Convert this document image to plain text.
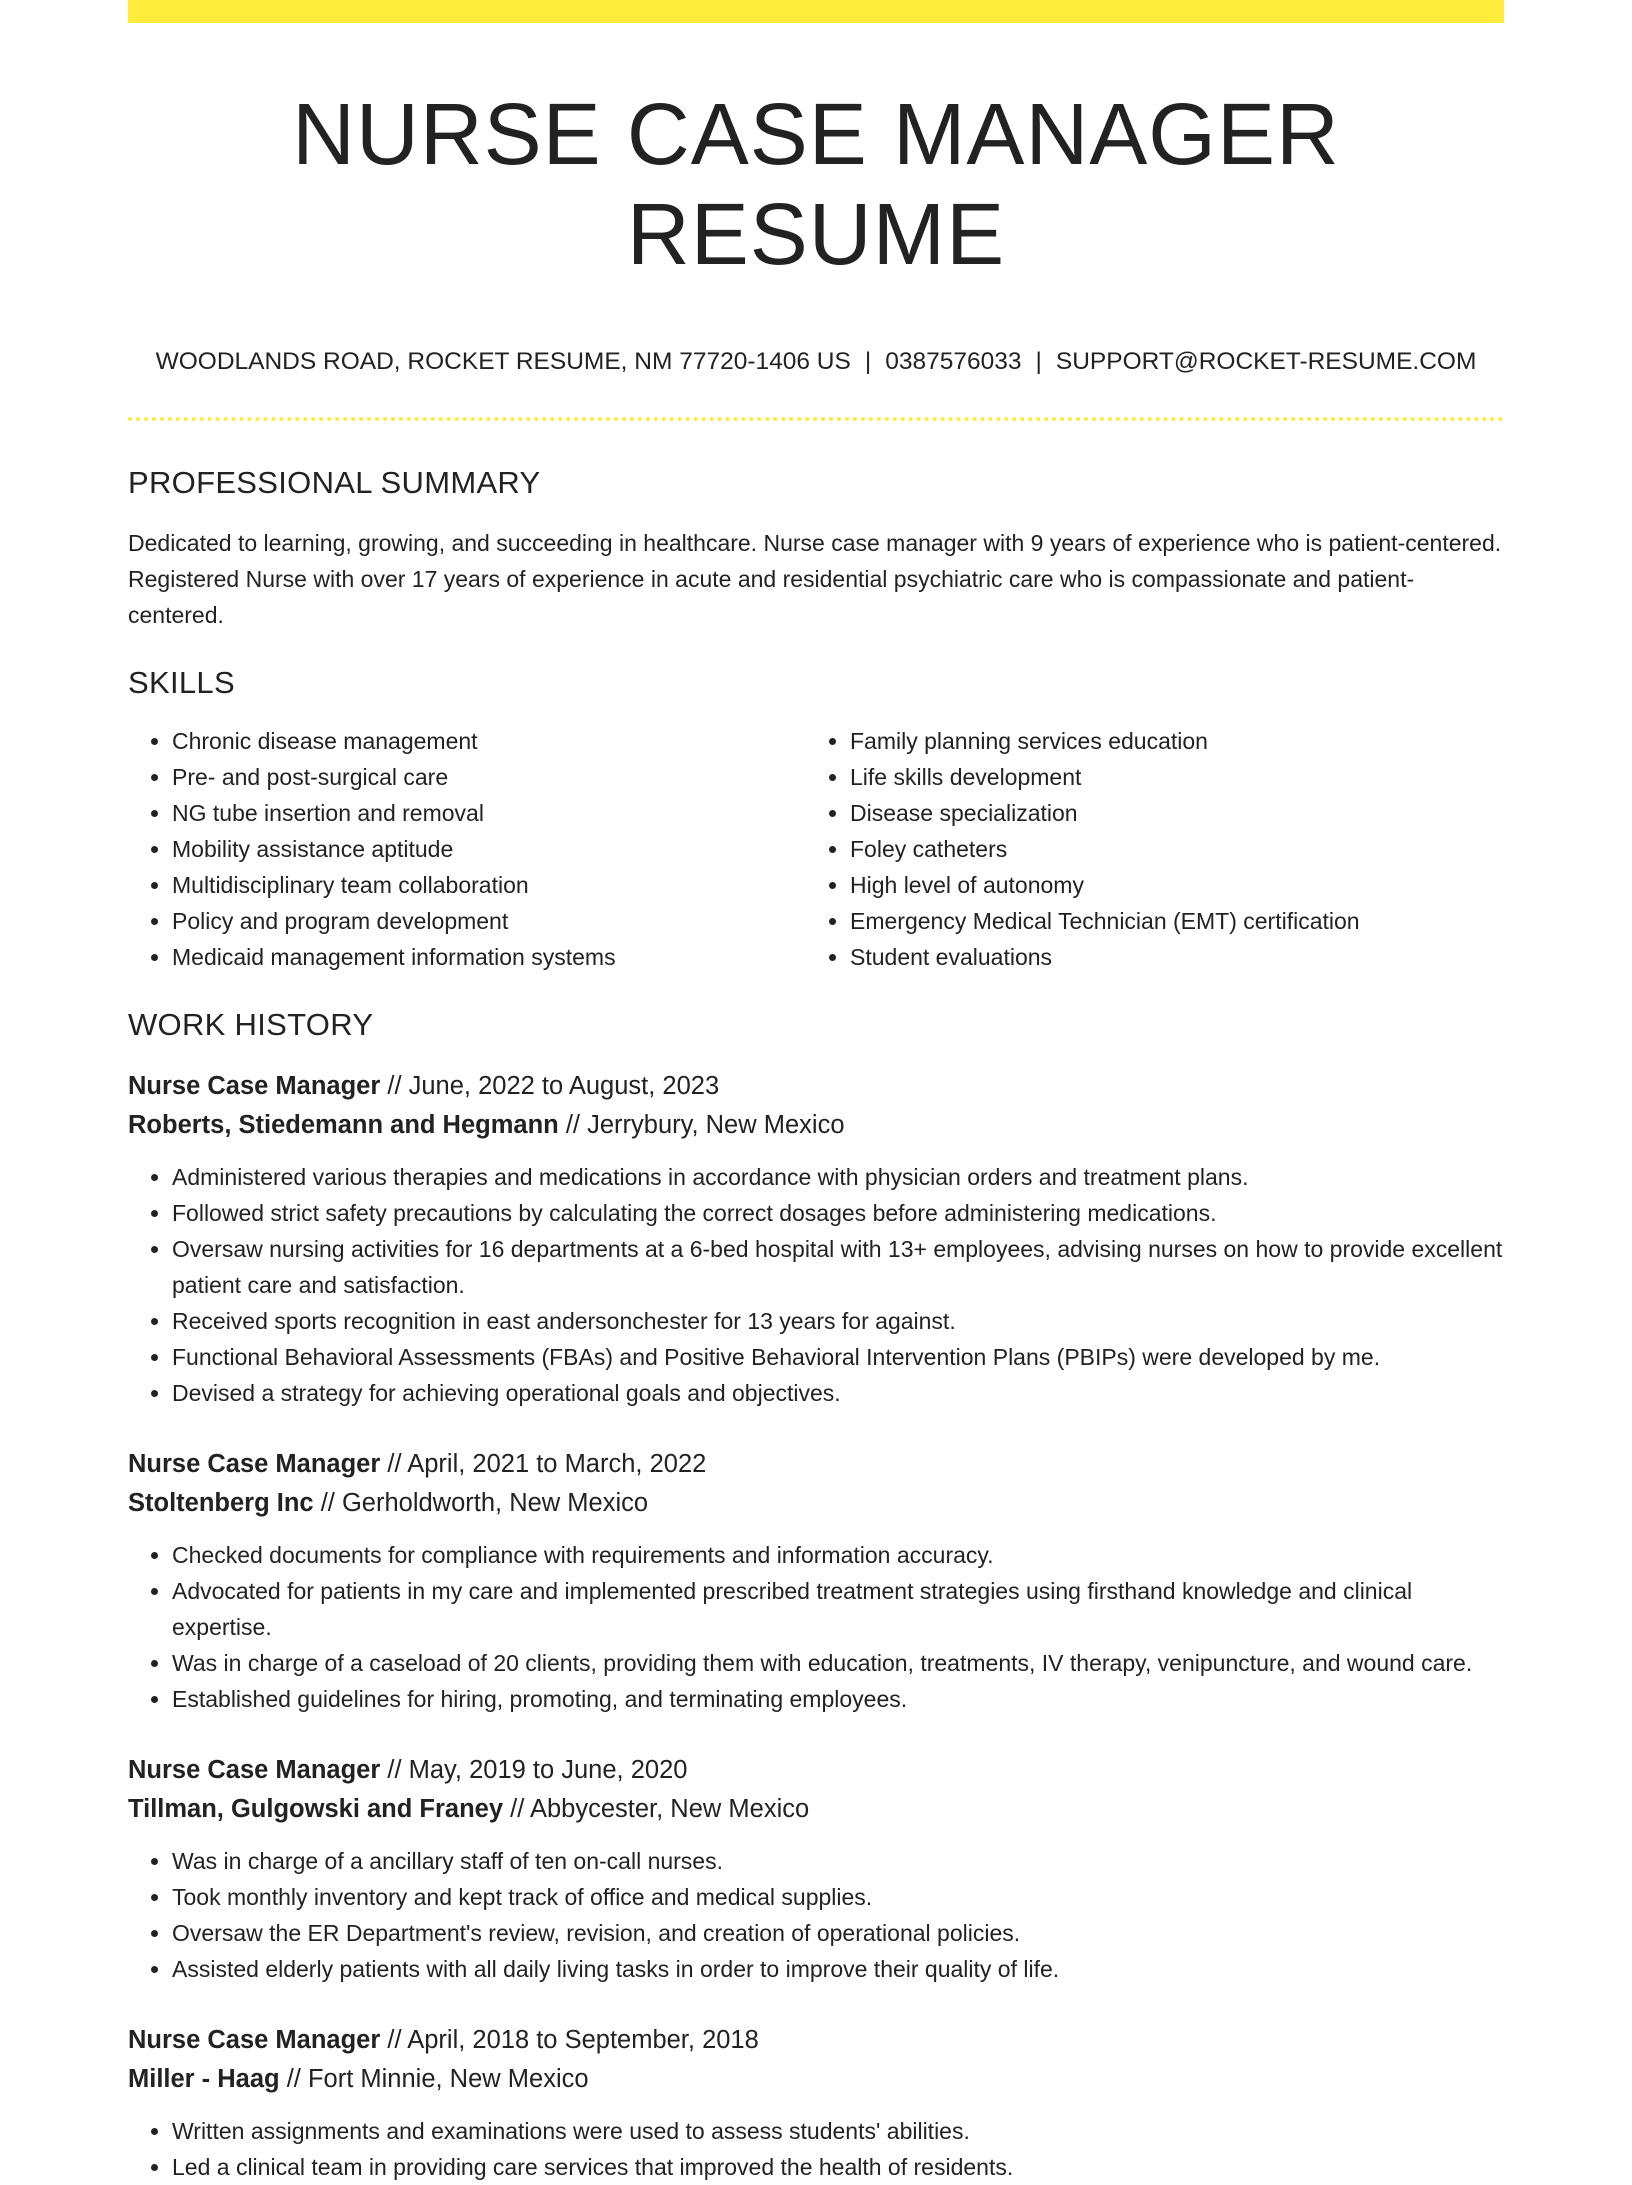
NURSE CASE MANAGER RESUME
WOODLANDS ROAD, ROCKET RESUME, NM 77720-1406 US | 0387576033 | SUPPORT@ROCKET-RESUME.COM
PROFESSIONAL SUMMARY

Dedicated to learning, growing, and succeeding in healthcare. Nurse case manager with 9 years of experience who is patient-centered. Registered Nurse with over 17 years of experience in acute and residential psychiatric care who is compassionate and patient-centered.

SKILLS
• Chronic disease management
• Pre- and post-surgical care
• NG tube insertion and removal
• Mobility assistance aptitude
• Multidisciplinary team collaboration
• Policy and program development
• Medicaid management information systems
• Family planning services education
• Life skills development
• Disease specialization
• Foley catheters
• High level of autonomy
• Emergency Medical Technician (EMT) certification
• Student evaluations
WORK HISTORY
Nurse Case Manager // June, 2022 to August, 2023
Roberts, Stiedemann and Hegmann // Jerrybury, New Mexico
• Administered various therapies and medications in accordance with physician orders and treatment plans.
• Followed strict safety precautions by calculating the correct dosages before administering medications.
• Oversaw nursing activities for 16 departments at a 6-bed hospital with 13+ employees, advising nurses on how to provide excellent patient care and satisfaction.
• Received sports recognition in east andersonchester for 13 years for against.
• Functional Behavioral Assessments (FBAs) and Positive Behavioral Intervention Plans (PBIPs) were developed by me.
• Devised a strategy for achieving operational goals and objectives.
Nurse Case Manager // April, 2021 to March, 2022
Stoltenberg Inc // Gerholdworth, New Mexico
• Checked documents for compliance with requirements and information accuracy.
• Advocated for patients in my care and implemented prescribed treatment strategies using firsthand knowledge and clinical expertise.
• Was in charge of a caseload of 20 clients, providing them with education, treatments, IV therapy, venipuncture, and wound care.
• Established guidelines for hiring, promoting, and terminating employees.
Nurse Case Manager // May, 2019 to June, 2020
Tillman, Gulgowski and Franey // Abbycester, New Mexico
• Was in charge of a ancillary staff of ten on-call nurses.
• Took monthly inventory and kept track of office and medical supplies.
• Oversaw the ER Department's review, revision, and creation of operational policies.
• Assisted elderly patients with all daily living tasks in order to improve their quality of life.
Nurse Case Manager // April, 2018 to September, 2018
Miller - Haag // Fort Minnie, New Mexico
• Written assignments and examinations were used to assess students' abilities.
• Led a clinical team in providing care services that improved the health of residents.
